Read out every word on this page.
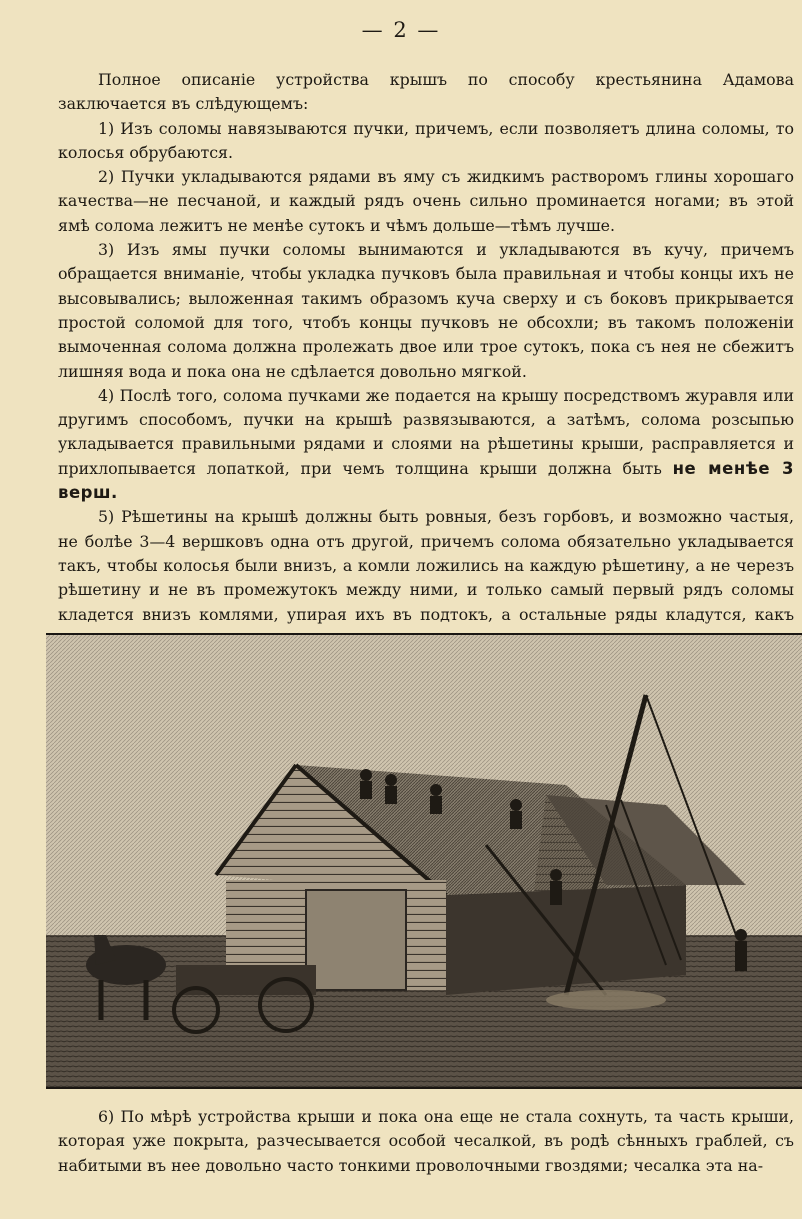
— 2 —

Полное описаніе устройства крышъ по способу крестьянина Адамова заключается въ слѣдующемъ:

1) Изъ соломы навязываются пучки, причемъ, если позволяетъ длина соломы, то колосья обрубаются.

2) Пучки укладываются рядами въ яму съ жидкимъ растворомъ глины хорошаго качества—не песчаной, и каждый рядъ очень сильно проминается ногами; въ этой ямѣ солома лежитъ не менѣе сутокъ и чѣмъ дольше—тѣмъ лучше.

3) Изъ ямы пучки соломы вынимаются и укладываются въ кучу, причемъ обращается вниманіе, чтобы укладка пучковъ была правильная и чтобы концы ихъ не высовывались; выложенная такимъ образомъ куча сверху и съ боковъ прикрывается простой соломой для того, чтобъ концы пучковъ не обсохли; въ такомъ положеніи вымоченная солома должна пролежать двое или трое сутокъ, пока съ нея не сбежитъ лишняя вода и пока она не сдѣлается довольно мягкой.

4) Послѣ того, солома пучками же подается на крышу посредствомъ журавля или другимъ способомъ, пучки на крышѣ развязываются, а затѣмъ, солома розсыпью укладывается правильными рядами и слоями на рѣшетины крыши, расправляется и прихлопывается лопаткой, при чемъ толщина крыши должна быть не менѣе 3 верш.

5) Рѣшетины на крышѣ должны быть ровныя, безъ горбовъ, и возможно частыя, не болѣе 3—4 вершковъ одна отъ другой, причемъ солома обязательно укладывается такъ, чтобы колосья были внизъ, а комли ложились на каждую рѣшетину, а не черезъ рѣшетину и не въ промежутокъ между ними, и только самый первый рядъ соломы кладется внизъ комлями, упирая ихъ въ подтокъ, а остальные ряды кладутся, какъ

6) По мѣрѣ устройства крыши и пока она еще не стала сохнуть, та часть крыши, которая уже покрыта, разчесывается особой чесалкой, въ родѣ сѣнныхъ граблей, съ набитыми въ нее довольно часто тонкими проволочными гвоздями; чесалка эта на-
